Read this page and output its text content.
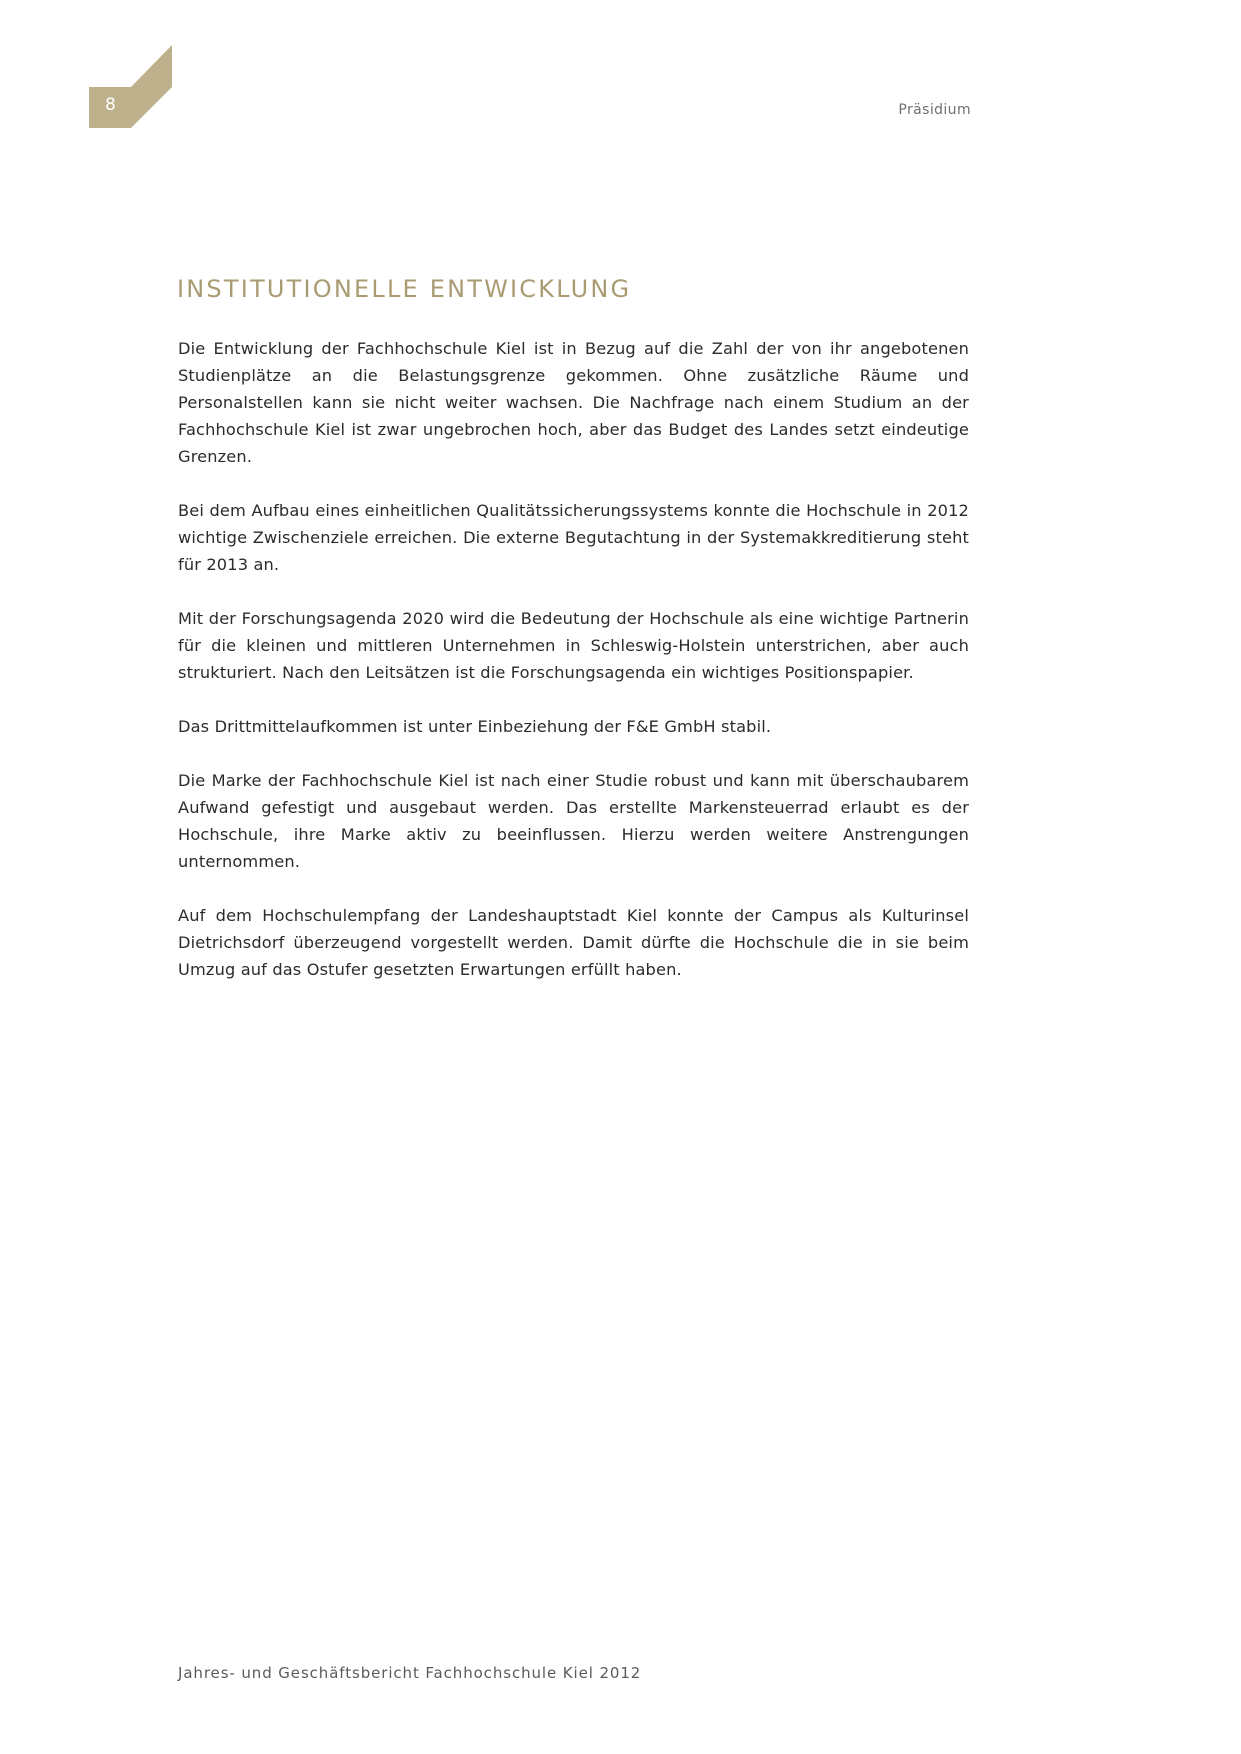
8	Präsidium
INSTITUTIONELLE ENTWICKLUNG

Die Entwicklung der Fachhochschule Kiel ist in Bezug auf die Zahl der von ihr angebotenen Studienplätze an die Belastungsgrenze gekommen. Ohne zusätzliche Räume und Personalstellen kann sie nicht weiter wachsen. Die Nachfrage nach einem Studium an der Fachhochschule Kiel ist zwar ungebrochen hoch, aber das Budget des Landes setzt eindeutige Grenzen.

Bei dem Aufbau eines einheitlichen Qualitätssicherungssystems konnte die Hochschule in 2012 wichtige Zwischenziele erreichen. Die externe Begutachtung in der Systemakkreditierung steht für 2013 an.

Mit der Forschungsagenda 2020 wird die Bedeutung der Hochschule als eine wichtige Partnerin für die kleinen und mittleren Unternehmen in Schleswig-Holstein unterstrichen, aber auch strukturiert. Nach den Leitsätzen ist die Forschungsagenda ein wichtiges Positionspapier.

Das Drittmittelaufkommen ist unter Einbeziehung der F&E GmbH stabil.

Die Marke der Fachhochschule Kiel ist nach einer Studie robust und kann mit überschaubarem Aufwand gefestigt und ausgebaut werden. Das erstellte Markensteuerrad erlaubt es der Hochschule, ihre Marke aktiv zu beeinflussen. Hierzu werden weitere Anstrengungen unternommen.

Auf dem Hochschulempfang der Landeshauptstadt Kiel konnte der Campus als Kulturinsel Dietrichsdorf überzeugend vorgestellt werden. Damit dürfte die Hochschule die in sie beim Umzug auf das Ostufer gesetzten Erwartungen erfüllt haben.

Jahres- und Geschäftsbericht Fachhochschule Kiel 2012
